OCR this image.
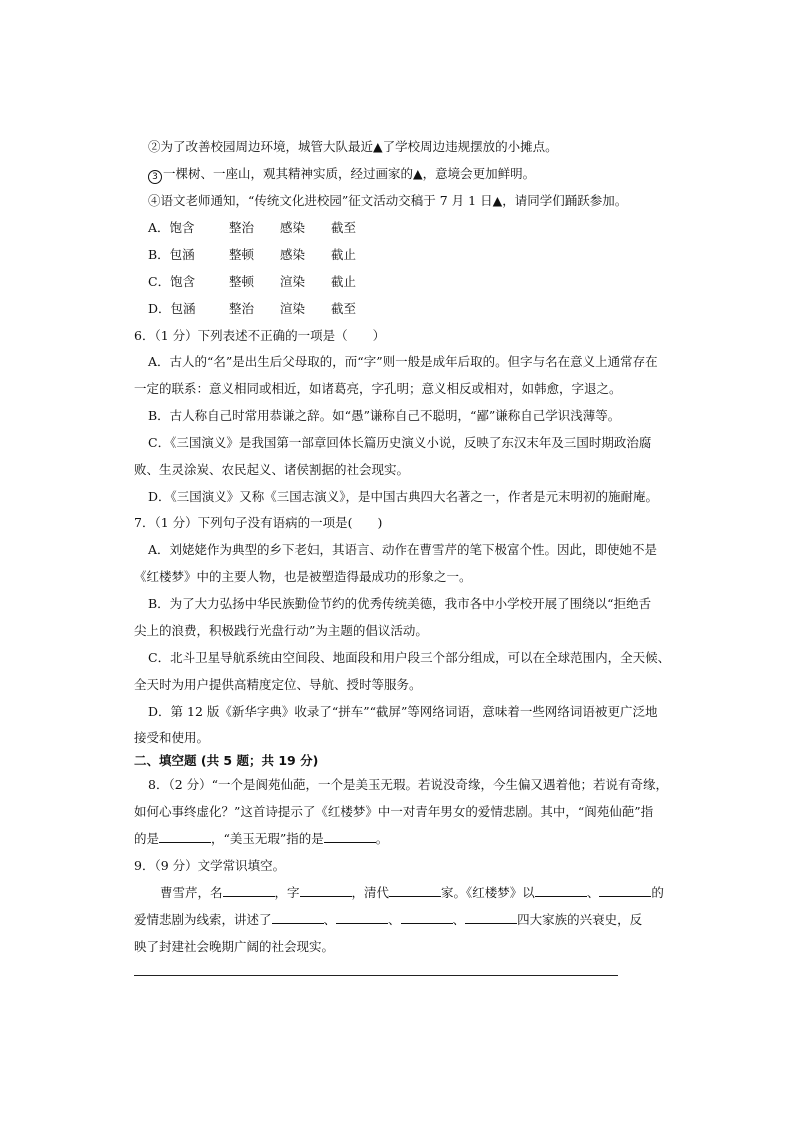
②为了改善校园周边环境，城管大队最近▲了学校周边违规摆放的小摊点。
3 一棵树、一座山，观其精神实质，经过画家的▲，意境会更加鲜明。
④语文老师通知，“传统文化进校园”征文活动交稿于 7 月 1 日▲，请同学们踊跃参加。
A．饱含	整治 感染 截至
B．包涵	整顿 感染 截止
C．饱含	整顿 渲染 截止
D．包涵	整治 渲染 截至
6．（1 分）下列表述不正确的一项是（　　）
A．古人的“名”是出生后父母取的，而“字”则一般是成年后取的。但字与名在意义上通常存在
一定的联系：意义相同或相近，如诸葛亮，字孔明；意义相反或相对，如韩愈，字退之。
B．古人称自己时常用恭谦之辞。如“愚”谦称自己不聪明，“鄙”谦称自己学识浅薄等。
C．《三国演义》是我国第一部章回体长篇历史演义小说，反映了东汉末年及三国时期政治腐
败、生灵涂炭、农民起义、诸侯割据的社会现实。
D．《三国演义》又称《三国志演义》，是中国古典四大名著之一，作者是元末明初的施耐庵。
7．（1 分）下列句子没有语病的一项是(　　)
A．刘姥姥作为典型的乡下老妇，其语言、动作在曹雪芹的笔下极富个性。因此，即使她不是
《红楼梦》中的主要人物，也是被塑造得最成功的形象之一。
B．为了大力弘扬中华民族勤俭节约的优秀传统美德，我市各中小学校开展了围绕以“拒绝舌
尖上的浪费，积极践行光盘行动”为主题的倡议活动。
C．北斗卫星导航系统由空间段、地面段和用户段三个部分组成，可以在全球范围内，全天候、
全天时为用户提供高精度定位、导航、授时等服务。
D．第 12 版《新华字典》收录了“拼车”“截屏”等网络词语，意味着一些网络词语被更广泛地
接受和使用。
二、填空题 (共 5 题；共 19 分)
8．（2 分）“一个是阆苑仙葩，一个是美玉无瑕。若说没奇缘，今生偏又遇着他；若说有奇缘，
如何心事终虚化？”这首诗提示了《红楼梦》中一对青年男女的爱情悲剧。其中，“阆苑仙葩”指
的是	，“美玉无瑕”指的是	。
9．（9 分）文学常识填空。
曹雪芹，名	，字	，清代	家。《红楼梦》以	、	的
爱情悲剧为线索，讲述了	、	、	、	四大家族的兴衰史，反
映了封建社会晚期广阔的社会现实。
